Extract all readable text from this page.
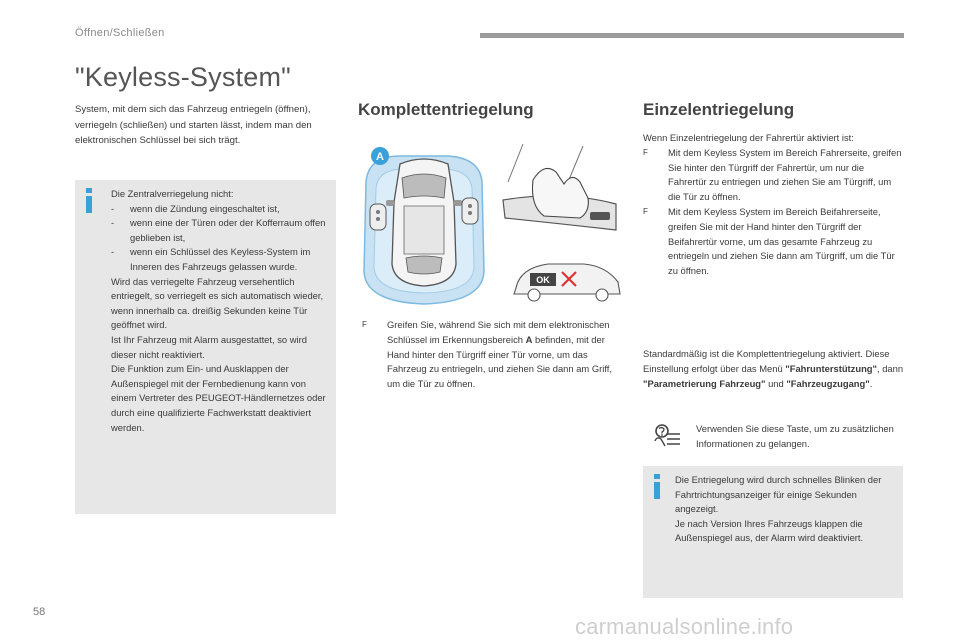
Öffnen/Schließen
"Keyless-System"

System, mit dem sich das Fahrzeug entriegeln (öffnen), verriegeln (schließen) und starten lässt, indem man den elektronischen Schlüssel bei sich trägt.

Die Zentralverriegelung nicht:
-	wenn die Zündung eingeschaltet ist,
-	wenn eine der Türen oder der Kofferraum offen geblieben ist,
-	wenn ein Schlüssel des Keyless-System im Inneren des Fahrzeugs gelassen wurde.
Wird das verriegelte Fahrzeug versehentlich entriegelt, so verriegelt es sich automatisch wieder, wenn innerhalb ca. dreißig Sekunden keine Tür geöffnet wird.
Ist Ihr Fahrzeug mit Alarm ausgestattet, so wird dieser nicht reaktiviert.
Die Funktion zum Ein- und Ausklappen der Außenspiegel mit der Fernbedienung kann von einem Vertreter des PEUGEOT-Händlernetzes oder durch eine qualifizierte Fachwerkstatt deaktiviert werden.
Komplettentriegelung	Einzelentriegelung
A
OK
F	Greifen Sie, während Sie sich mit dem elektronischen Schlüssel im Erkennungsbereich A befinden, mit der Hand hinter den Türgriff einer Tür vorne, um das Fahrzeug zu entriegeln, und ziehen Sie dann am Griff, um die Tür zu öffnen.
Wenn Einzelentriegelung der Fahrertür aktiviert ist:
F	Mit dem Keyless System im Bereich Fahrerseite, greifen Sie hinter den Türgriff der Fahrertür, um nur die Fahrertür zu entriegen und ziehen Sie am Türgriff, um die Tür zu öffnen.
F	Mit dem Keyless System im Bereich Beifahrerseite, greifen Sie mit der Hand hinter den Türgriff der Beifahrertür vorne, um das gesamte Fahrzeug zu entriegeln und ziehen Sie dann am Türgriff, um die Tür zu öffnen.
Standardmäßig ist die Komplettentriegelung aktiviert. Diese Einstellung erfolgt über das Menü "Fahrunterstützung", dann "Parametrierung Fahrzeug" und "Fahrzeugzugang".
Verwenden Sie diese Taste, um zu zusätzlichen Informationen zu gelangen.
Die Entriegelung wird durch schnelles Blinken der Fahrtrichtungsanzeiger für einige Sekunden angezeigt.
Je nach Version Ihres Fahrzeugs klappen die Außenspiegel aus, der Alarm wird deaktiviert.
58
carmanualsonline.info
